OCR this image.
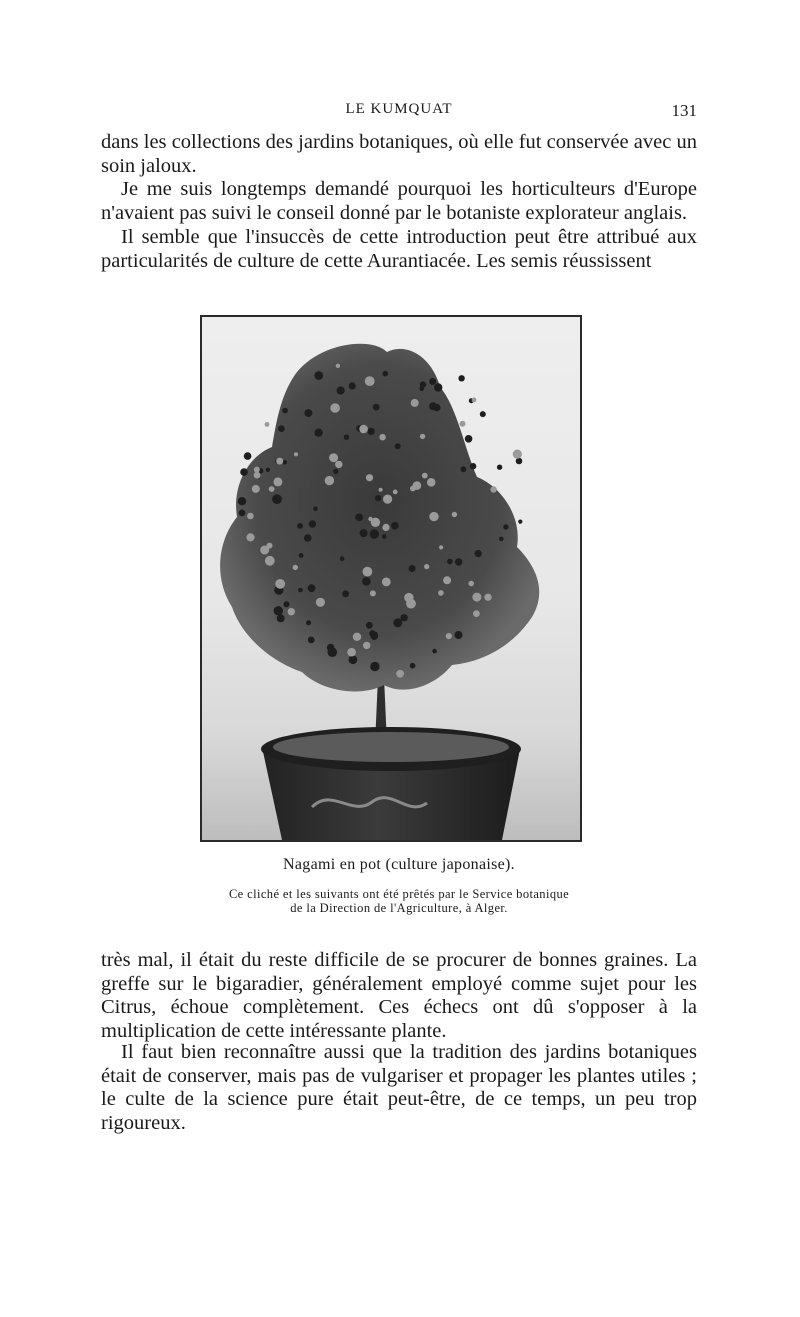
LE KUMQUAT	131

dans les collections des jardins botaniques, où elle fut conservée avec un soin jaloux.

Je me suis longtemps demandé pourquoi les horticulteurs d'Europe n'avaient pas suivi le conseil donné par le botaniste explorateur anglais.

Il semble que l'insuccès de cette introduction peut être attribué aux particularités de culture de cette Aurantiacée. Les semis réussissent

Nagami en pot (culture japonaise).
Ce cliché et les suivants ont été prêtés par le Service botanique
de la Direction de l'Agriculture, à Alger.

très mal, il était du reste difficile de se procurer de bonnes graines. La greffe sur le bigaradier, généralement employé comme sujet pour les Citrus, échoue complètement. Ces échecs ont dû s'opposer à la multiplication de cette intéressante plante.

Il faut bien reconnaître aussi que la tradition des jardins botaniques était de conserver, mais pas de vulgariser et propager les plantes utiles ; le culte de la science pure était peut-être, de ce temps, un peu trop rigoureux.
